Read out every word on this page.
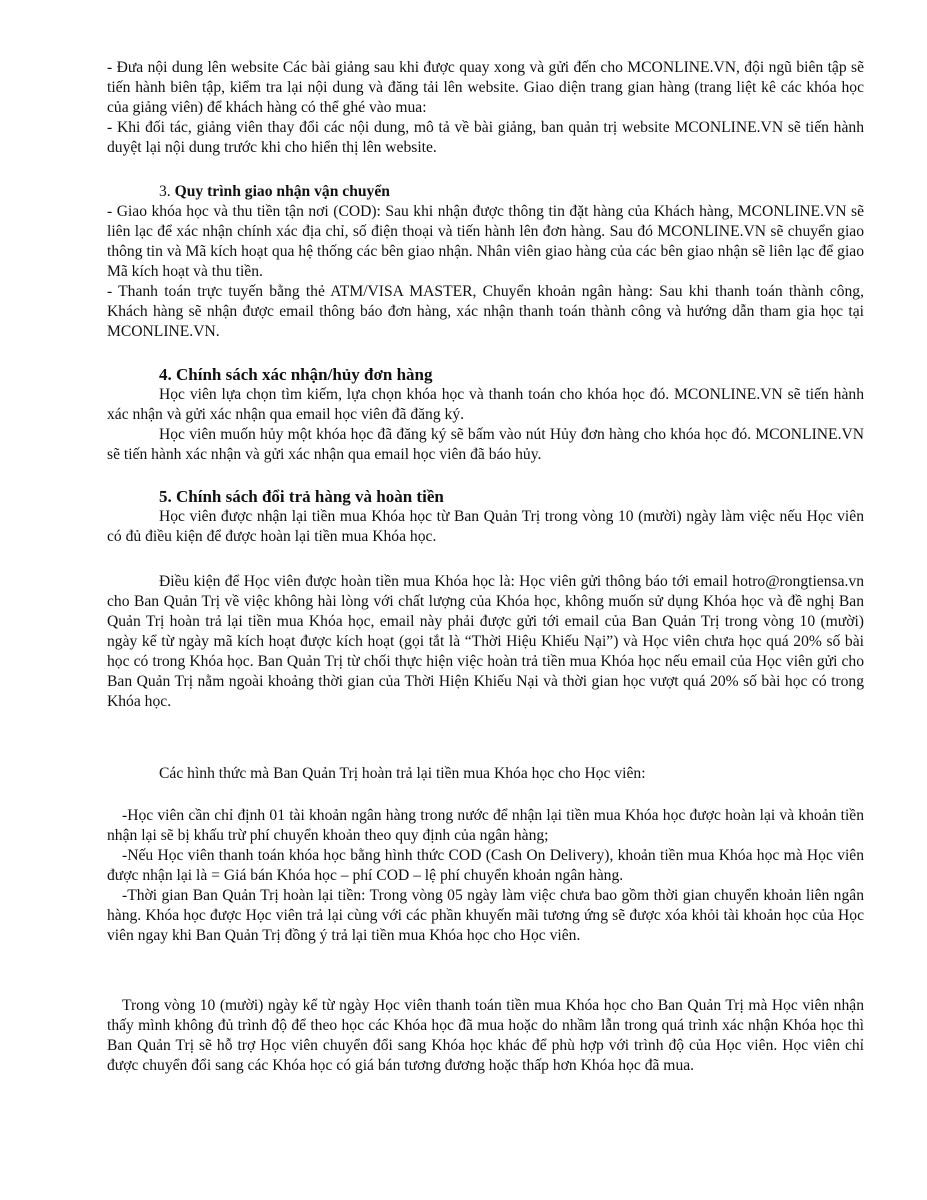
- Đưa nội dung lên website Các bài giảng sau khi được quay xong và gửi đến cho MCONLINE.VN, đội ngũ biên tập sẽ tiến hành biên tập, kiểm tra lại nội dung và đăng tải lên website. Giao diện trang gian hàng (trang liệt kê các khóa học của giảng viên) để khách hàng có thể ghé vào mua:

- Khi đối tác, giảng viên thay đổi các nội dung, mô tả về bài giảng, ban quản trị website MCONLINE.VN sẽ tiến hành duyệt lại nội dung trước khi cho hiển thị lên website.

3. Quy trình giao nhận vận chuyển

- Giao khóa học và thu tiền tận nơi (COD): Sau khi nhận được thông tin đặt hàng của Khách hàng, MCONLINE.VN sẽ liên lạc để xác nhận chính xác địa chỉ, số điện thoại và tiến hành lên đơn hàng. Sau đó MCONLINE.VN sẽ chuyển giao thông tin và Mã kích hoạt qua hệ thống các bên giao nhận. Nhân viên giao hàng của các bên giao nhận sẽ liên lạc để giao Mã kích hoạt và thu tiền.

- Thanh toán trực tuyến bằng thẻ ATM/VISA MASTER, Chuyển khoản ngân hàng: Sau khi thanh toán thành công, Khách hàng sẽ nhận được email thông báo đơn hàng, xác nhận thanh toán thành công và hướng dẫn tham gia học tại MCONLINE.VN.

4. Chính sách xác nhận/hủy đơn hàng

Học viên lựa chọn tìm kiếm, lựa chọn khóa học và thanh toán cho khóa học đó. MCONLINE.VN sẽ tiến hành xác nhận và gửi xác nhận qua email học viên đã đăng ký.

Học viên muốn hủy một khóa học đã đăng ký sẽ bấm vào nút Hủy đơn hàng cho khóa học đó. MCONLINE.VN sẽ tiến hành xác nhận và gửi xác nhận qua email học viên đã báo hủy.

5. Chính sách đổi trả hàng và hoàn tiền

Học viên được nhận lại tiền mua Khóa học từ Ban Quản Trị trong vòng 10 (mười) ngày làm việc nếu Học viên có đủ điều kiện để được hoàn lại tiền mua Khóa học.

Điều kiện để Học viên được hoàn tiền mua Khóa học là: Học viên gửi thông báo tới email hotro@rongtiensa.vn cho Ban Quản Trị về việc không hài lòng với chất lượng của Khóa học, không muốn sử dụng Khóa học và đề nghị Ban Quản Trị hoàn trả lại tiền mua Khóa học, email này phải được gửi tới email của Ban Quản Trị trong vòng 10 (mười) ngày kể từ ngày mã kích hoạt được kích hoạt (gọi tắt là “Thời Hiệu Khiếu Nại”) và Học viên chưa học quá 20% số bài học có trong Khóa học. Ban Quản Trị từ chối thực hiện việc hoàn trả tiền mua Khóa học nếu email của Học viên gửi cho Ban Quản Trị nằm ngoài khoảng thời gian của Thời Hiện Khiếu Nại và thời gian học vượt quá 20% số bài học có trong Khóa học.

Các hình thức mà Ban Quản Trị hoàn trả lại tiền mua Khóa học cho Học viên:

-Học viên cần chỉ định 01 tài khoản ngân hàng trong nước để nhận lại tiền mua Khóa học được hoàn lại và khoản tiền nhận lại sẽ bị khấu trừ phí chuyển khoản theo quy định của ngân hàng;

-Nếu Học viên thanh toán khóa học bằng hình thức COD (Cash On Delivery), khoản tiền mua Khóa học mà Học viên được nhận lại là = Giá bán Khóa học – phí COD – lệ phí chuyển khoản ngân hàng.

-Thời gian Ban Quản Trị hoàn lại tiền: Trong vòng 05 ngày làm việc chưa bao gồm thời gian chuyển khoản liên ngân hàng. Khóa học được Học viên trả lại cùng với các phần khuyến mãi tương ứng sẽ được xóa khỏi tài khoản học của Học viên ngay khi Ban Quản Trị đồng ý trả lại tiền mua Khóa học cho Học viên.

Trong vòng 10 (mười) ngày kể từ ngày Học viên thanh toán tiền mua Khóa học cho Ban Quản Trị mà Học viên nhận thấy mình không đủ trình độ để theo học các Khóa học đã mua hoặc do nhầm lẫn trong quá trình xác nhận Khóa học thì Ban Quản Trị sẽ hỗ trợ Học viên chuyển đổi sang Khóa học khác để phù hợp với trình độ của Học viên. Học viên chỉ được chuyển đổi sang các Khóa học có giá bán tương đương hoặc thấp hơn Khóa học đã mua.
